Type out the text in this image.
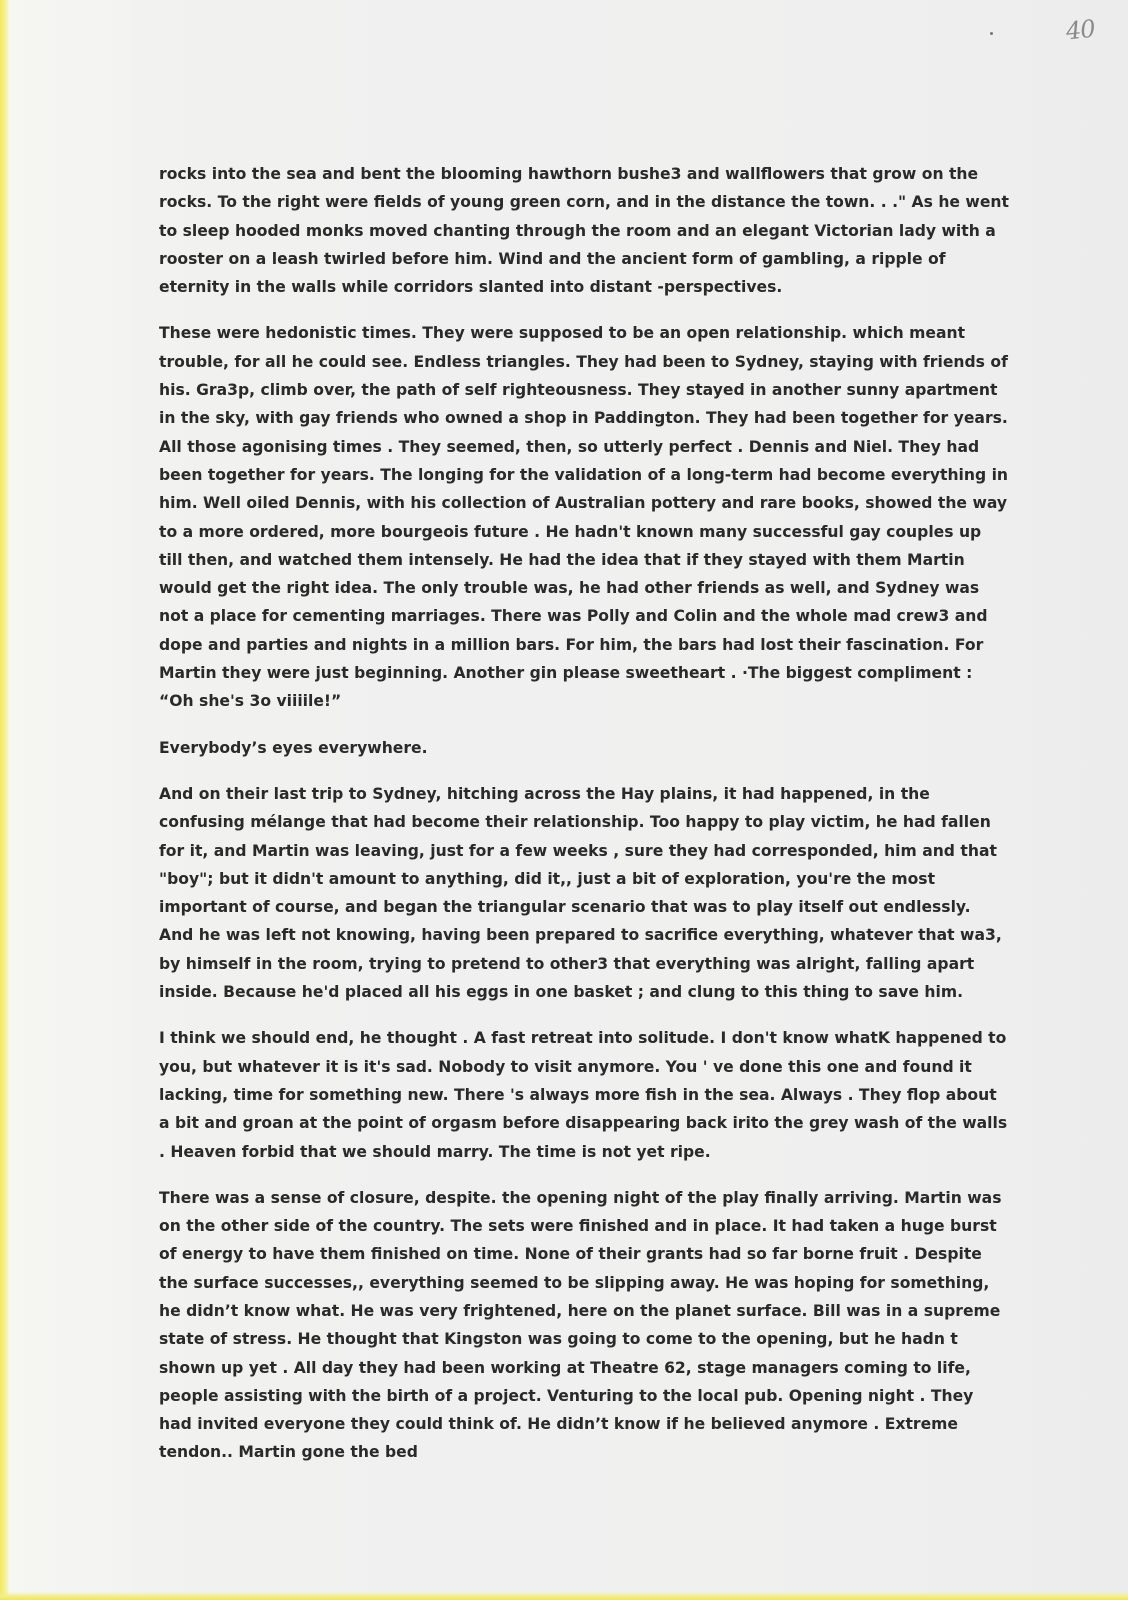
40

rocks into the sea and bent the blooming hawthorn bushe3 and wallflowers that grow on the rocks. To the right were fields of young green corn, and in the distance the town. . ." As he went to sleep hooded monks moved chanting through the room and an elegant Victorian lady with a rooster on a leash twirled before him. Wind and the ancient form of gambling, a ripple of eternity in the walls while corridors slanted into distant -perspectives.

These were hedonistic times. They were supposed to be an open relationship. which meant trouble, for all he could see. Endless triangles. They had been to Sydney, staying with friends of his. Gra3p, climb over, the path of self righteousness. They stayed in another sunny apartment in the sky, with gay friends who owned a shop in Paddington. They had been together for years. All those agonising times . They seemed, then, so utterly perfect . Dennis and Niel. They had been together for years. The longing for the validation of a long-term had become everything in him. Well oiled Dennis, with his collection of Australian pottery and rare books, showed the way to a more ordered, more bourgeois future . He hadn't known many successful gay couples up till then, and watched them intensely. He had the idea that if they stayed with them Martin would get the right idea. The only trouble was, he had other friends as well, and Sydney was not a place for cementing marriages. There was Polly and Colin and the whole mad crew3 and dope and parties and nights in a million bars. For him, the bars had lost their fascination. For Martin they were just beginning. Another gin please sweetheart . ·The biggest compliment : “Oh she's 3o viiiile!”

Everybody’s eyes everywhere.

And on their last trip to Sydney, hitching across the Hay plains, it had happened, in the confusing mélange that had become their relationship. Too happy to play victim, he had fallen for it, and Martin was leaving, just for a few weeks , sure they had corresponded, him and that "boy"; but it didn't amount to anything, did it,, just a bit of exploration, you're the most important of course, and began the triangular scenario that was to play itself out endlessly. And he was left not knowing, having been prepared to sacrifice everything, whatever that wa3, by himself in the room, trying to pretend to other3 that everything was alright, falling apart inside. Because he'd placed all his eggs in one basket ; and clung to this thing to save him.

I think we should end, he thought . A fast retreat into solitude. I don't know whatK happened to you, but whatever it is it's sad. Nobody to visit anymore. You ' ve done this one and found it lacking, time for something new. There 's always more fish in the sea. Always . They flop about a bit and groan at the point of orgasm before disappearing back irito the grey wash of the walls . Heaven forbid that we should marry. The time is not yet ripe.

There was a sense of closure, despite. the opening night of the play finally arriving. Martin was on the other side of the country. The sets were finished and in place. It had taken a huge burst of energy to have them finished on time. None of their grants had so far borne fruit . Despite the surface successes,, everything seemed to be slipping away. He was hoping for something, he didn’t know what. He was very frightened, here on the planet surface. Bill was in a supreme state of stress. He thought that Kingston was going to come to the opening, but he hadn t shown up yet . All day they had been working at Theatre 62, stage managers coming to life, people assisting with the birth of a project. Venturing to the local pub. Opening night . They had invited everyone they could think of. He didn’t know if he believed anymore . Extreme tendon.. Martin gone the bed
